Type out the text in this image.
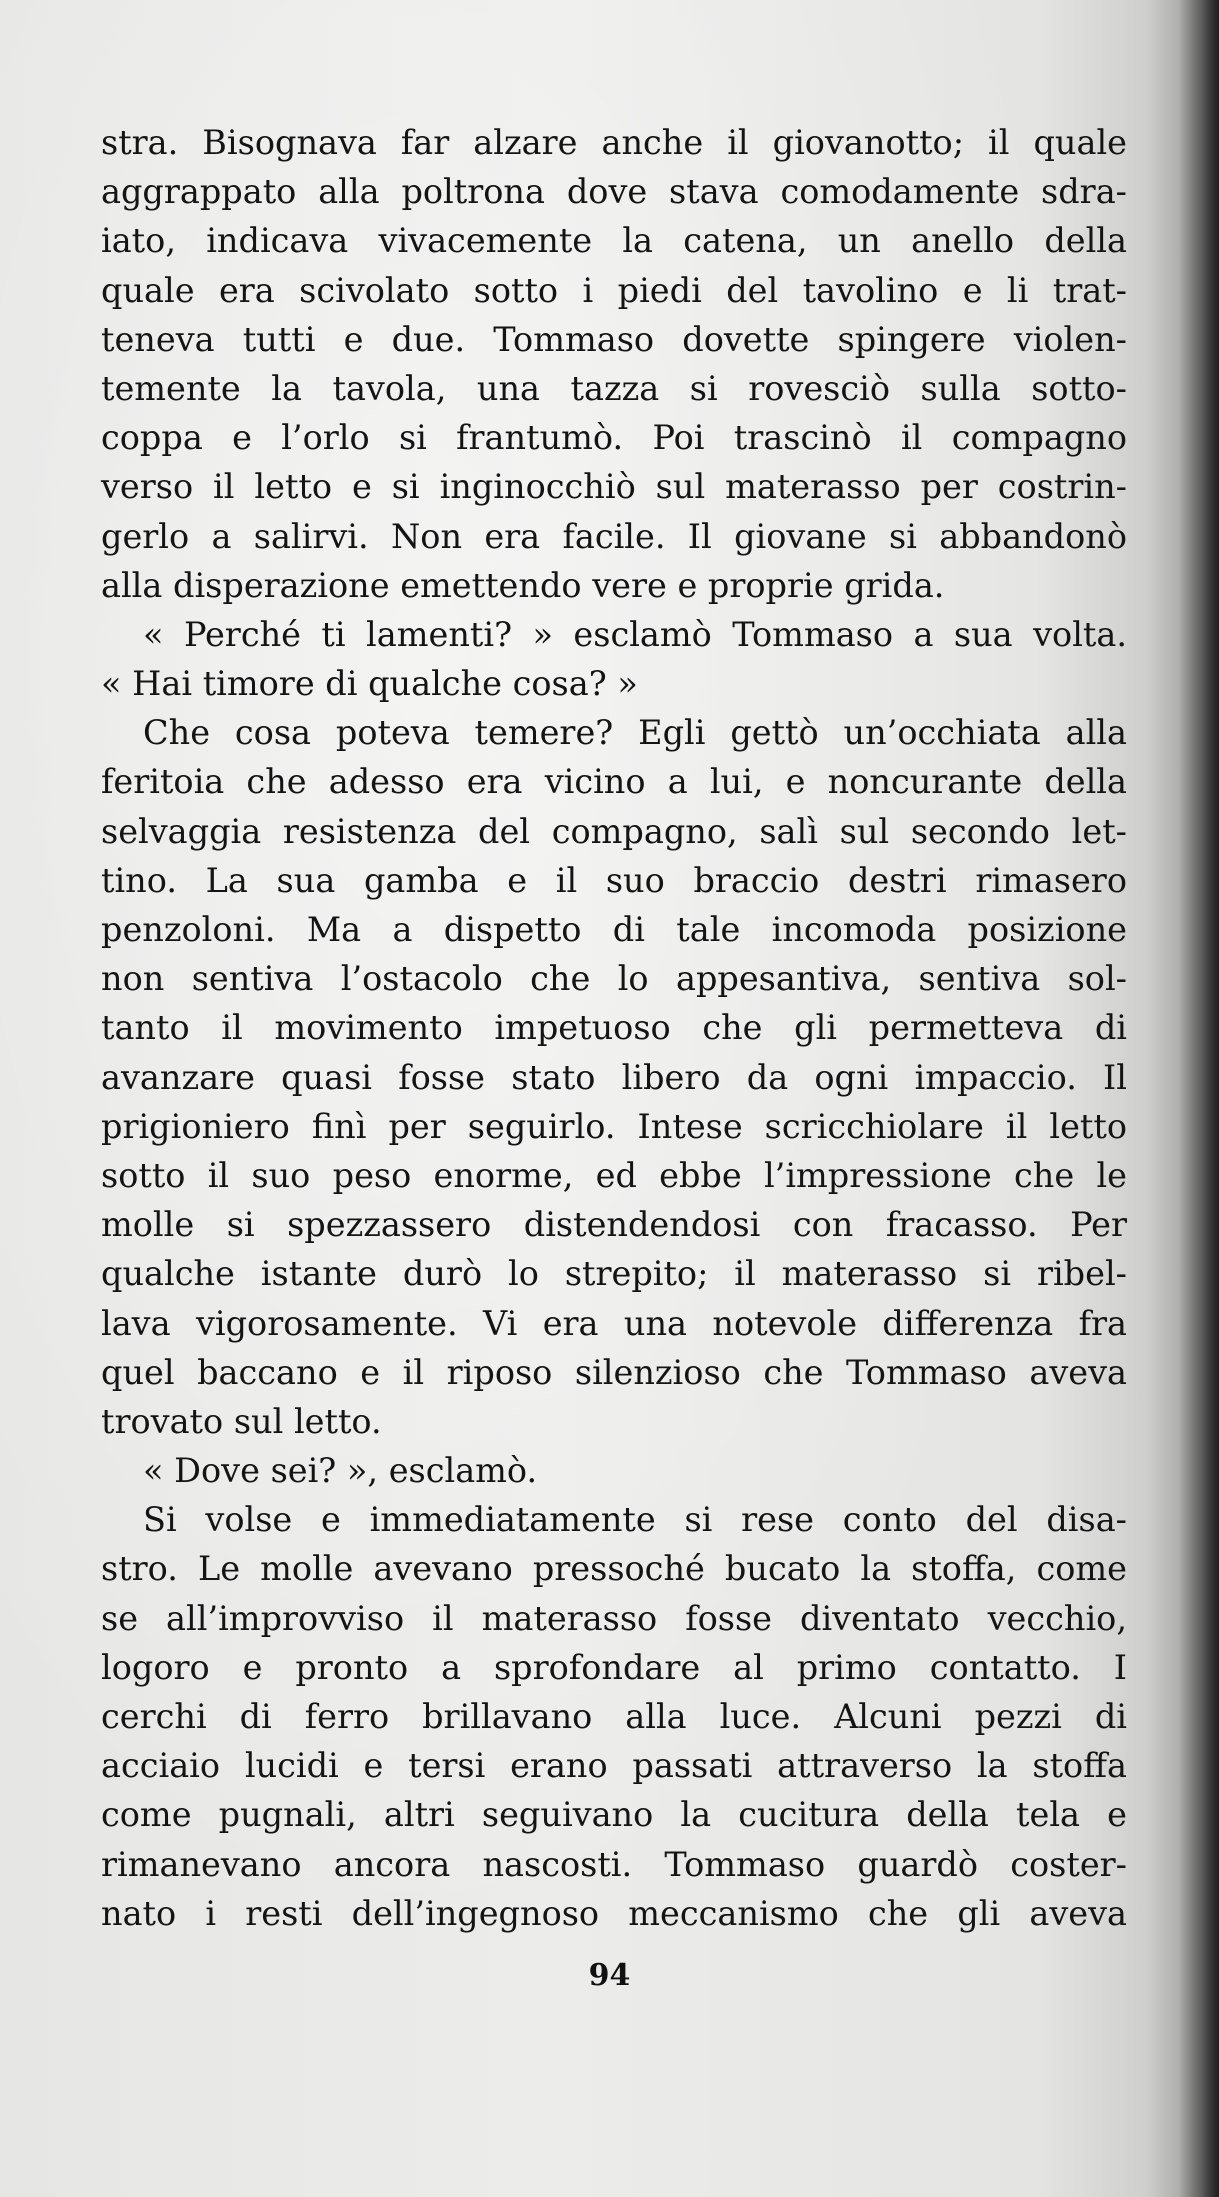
stra. Bisognava far alzare anche il giovanotto; il quale
aggrappato alla poltrona dove stava comodamente sdra-
iato, indicava vivacemente la catena, un anello della
quale era scivolato sotto i piedi del tavolino e li trat-
teneva tutti e due. Tommaso dovette spingere violen-
temente la tavola, una tazza si rovesciò sulla sotto-
coppa e l’orlo si frantumò. Poi trascinò il compagno
verso il letto e si inginocchiò sul materasso per costrin-
gerlo a salirvi. Non era facile. Il giovane si abbandonò
alla disperazione emettendo vere e proprie grida.
« Perché ti lamenti? » esclamò Tommaso a sua volta.
« Hai timore di qualche cosa? »
Che cosa poteva temere? Egli gettò un’occhiata alla
feritoia che adesso era vicino a lui, e noncurante della
selvaggia resistenza del compagno, salì sul secondo let-
tino. La sua gamba e il suo braccio destri rimasero
penzoloni. Ma a dispetto di tale incomoda posizione
non sentiva l’ostacolo che lo appesantiva, sentiva sol-
tanto il movimento impetuoso che gli permetteva di
avanzare quasi fosse stato libero da ogni impaccio. Il
prigioniero finì per seguirlo. Intese scricchiolare il letto
sotto il suo peso enorme, ed ebbe l’impressione che le
molle si spezzassero distendendosi con fracasso. Per
qualche istante durò lo strepito; il materasso si ribel-
lava vigorosamente. Vi era una notevole differenza fra
quel baccano e il riposo silenzioso che Tommaso aveva
trovato sul letto.
« Dove sei? », esclamò.
Si volse e immediatamente si rese conto del disa-
stro. Le molle avevano pressoché bucato la stoffa, come
se all’improvviso il materasso fosse diventato vecchio,
logoro e pronto a sprofondare al primo contatto. I
cerchi di ferro brillavano alla luce. Alcuni pezzi di
acciaio lucidi e tersi erano passati attraverso la stoffa
come pugnali, altri seguivano la cucitura della tela e
rimanevano ancora nascosti. Tommaso guardò coster-
nato i resti dell’ingegnoso meccanismo che gli aveva
94
